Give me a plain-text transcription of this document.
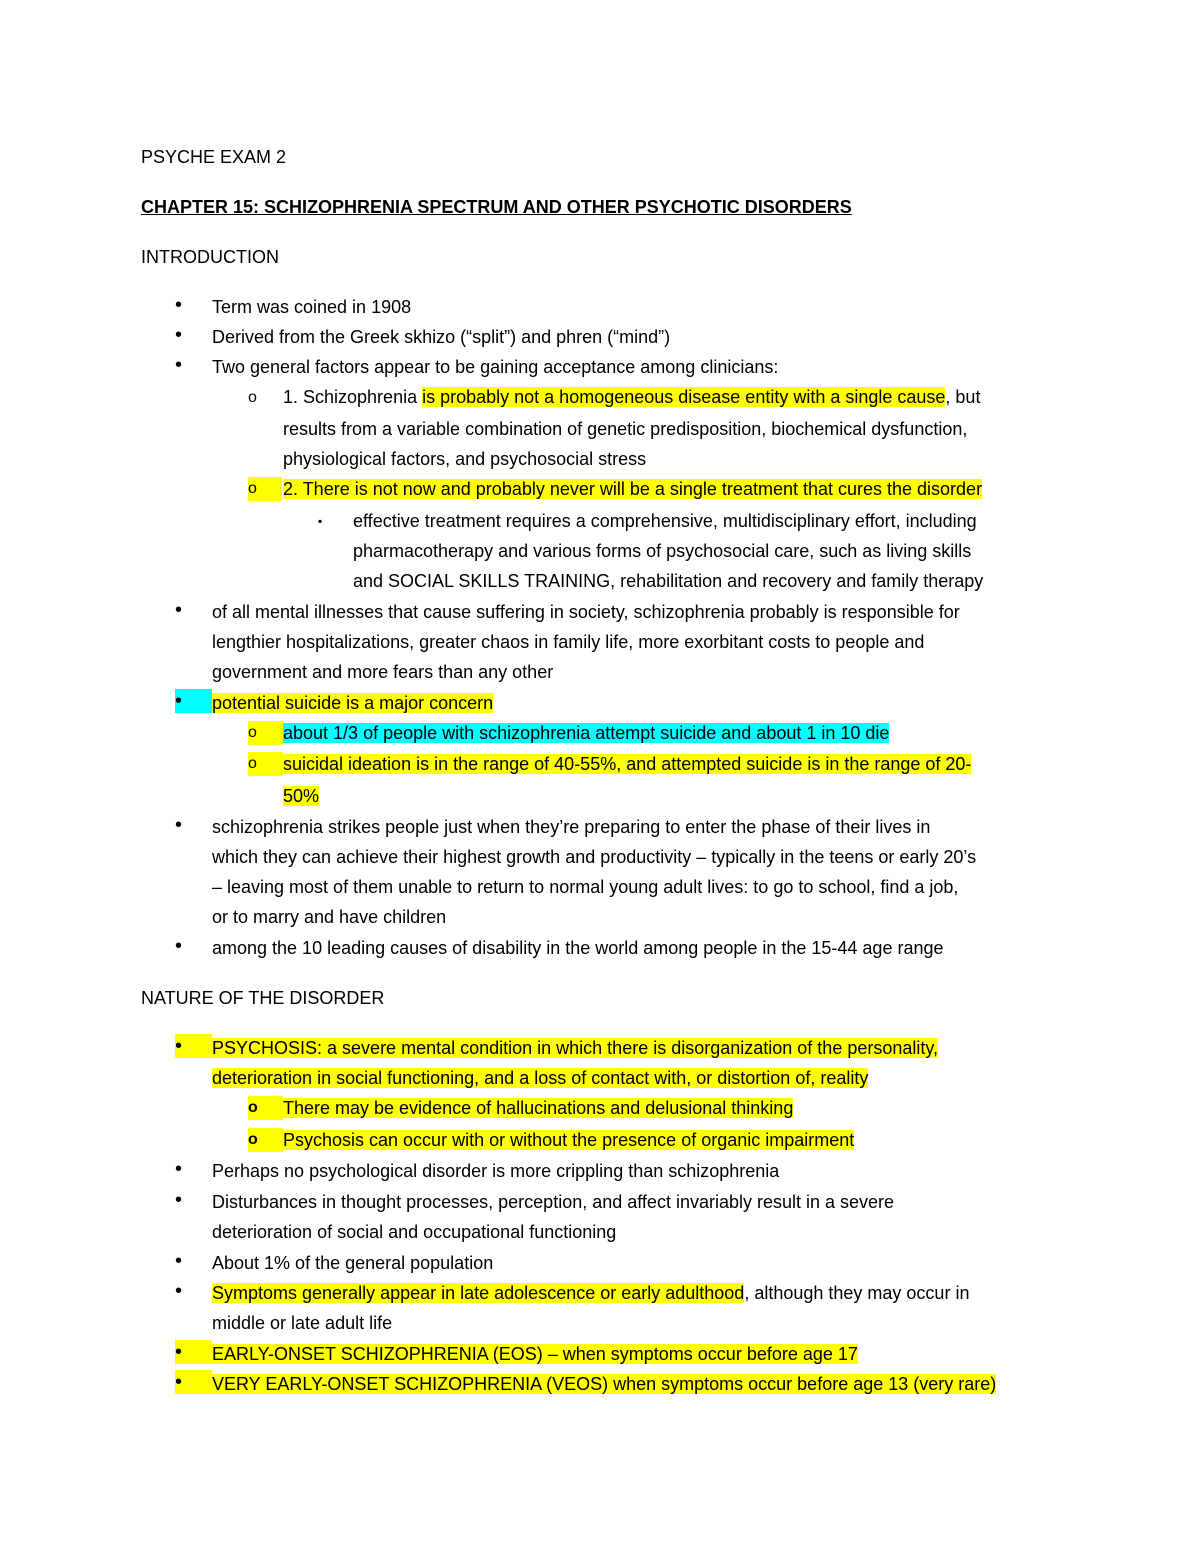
PSYCHE EXAM 2
CHAPTER 15: SCHIZOPHRENIA SPECTRUM AND OTHER PSYCHOTIC DISORDERS
INTRODUCTION
• Term was coined in 1908
• Derived from the Greek skhizo (“split”) and phren (“mind”)
• Two general factors appear to be gaining acceptance among clinicians:
o 1. Schizophrenia is probably not a homogeneous disease entity with a single cause, but
results from a variable combination of genetic predisposition, biochemical dysfunction,
physiological factors, and psychosocial stress
o	2. There is not now and probably never will be a single treatment that cures the disorder
▪ effective treatment requires a comprehensive, multidisciplinary effort, including
pharmacotherapy and various forms of psychosocial care, such as living skills
and SOCIAL SKILLS TRAINING, rehabilitation and recovery and family therapy
• of all mental illnesses that cause suffering in society, schizophrenia probably is responsible for
lengthier hospitalizations, greater chaos in family life, more exorbitant costs to people and
government and more fears than any other
•	potential suicide is a major concern
o	about 1/3 of people with schizophrenia attempt suicide and about 1 in 10 die
o	suicidal ideation is in the range of 40-55%, and attempted suicide is in the range of 20-
50%
• schizophrenia strikes people just when they’re preparing to enter the phase of their lives in
which they can achieve their highest growth and productivity – typically in the teens or early 20’s
– leaving most of them unable to return to normal young adult lives: to go to school, find a job,
or to marry and have children
• among the 10 leading causes of disability in the world among people in the 15-44 age range
NATURE OF THE DISORDER
•	PSYCHOSIS: a severe mental condition in which there is disorganization of the personality,
deterioration in social functioning, and a loss of contact with, or distortion of, reality
o	There may be evidence of hallucinations and delusional thinking
o	Psychosis can occur with or without the presence of organic impairment
• Perhaps no psychological disorder is more crippling than schizophrenia
• Disturbances in thought processes, perception, and affect invariably result in a severe
deterioration of social and occupational functioning
• About 1% of the general population
• Symptoms generally appear in late adolescence or early adulthood, although they may occur in
middle or late adult life
•	EARLY-ONSET SCHIZOPHRENIA (EOS) – when symptoms occur before age 17
•	VERY EARLY-ONSET SCHIZOPHRENIA (VEOS) when symptoms occur before age 13 (very rare)
